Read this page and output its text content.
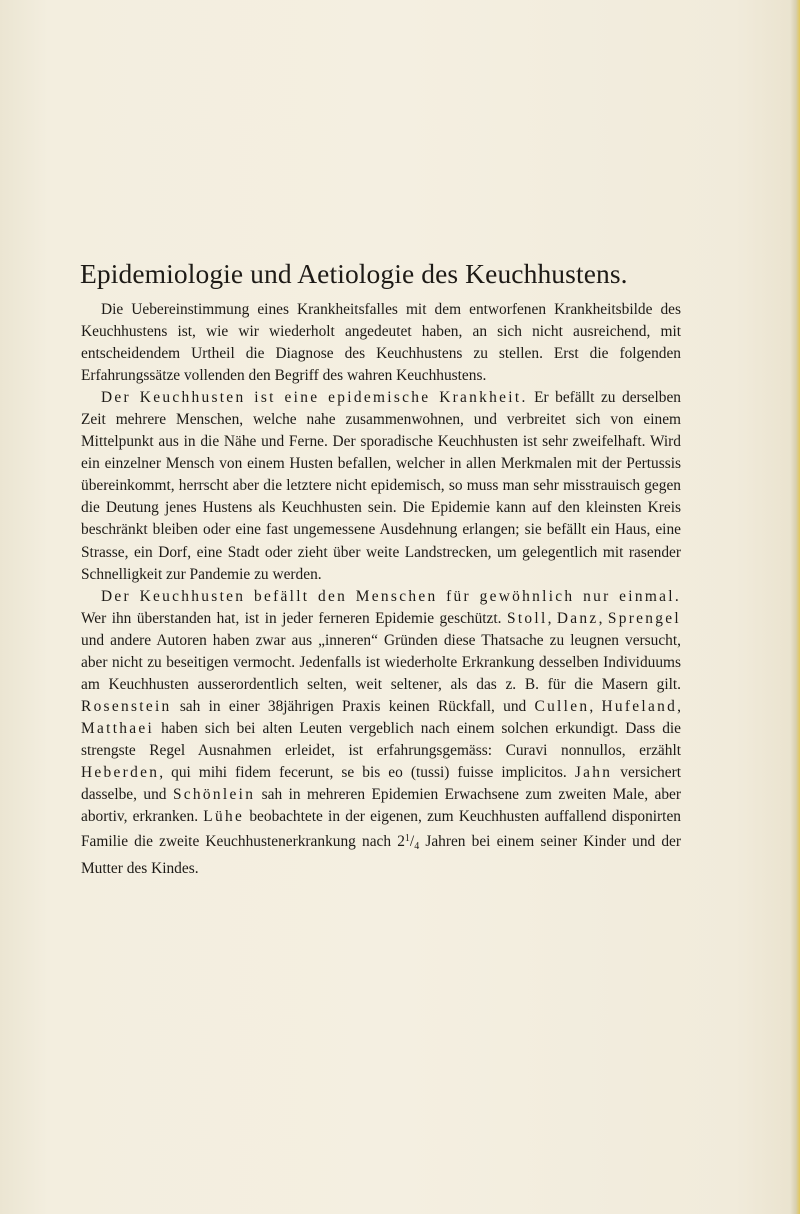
Epidemiologie und Aetiologie des Keuchhustens.

Die Uebereinstimmung eines Krankheitsfalles mit dem entworfenen Krankheitsbilde des Keuchhustens ist, wie wir wiederholt angedeutet haben, an sich nicht ausreichend, mit entscheidendem Urtheil die Diagnose des Keuchhustens zu stellen. Erst die folgenden Erfahrungssätze vollenden den Begriff des wahren Keuchhustens.

Der Keuchhusten ist eine epidemische Krankheit. Er befällt zu derselben Zeit mehrere Menschen, welche nahe zusammenwohnen, und verbreitet sich von einem Mittelpunkt aus in die Nähe und Ferne. Der sporadische Keuchhusten ist sehr zweifelhaft. Wird ein einzelner Mensch von einem Husten befallen, welcher in allen Merkmalen mit der Pertussis übereinkommt, herrscht aber die letztere nicht epidemisch, so muss man sehr misstrauisch gegen die Deutung jenes Hustens als Keuchhusten sein. Die Epidemie kann auf den kleinsten Kreis beschränkt bleiben oder eine fast ungemessene Ausdehnung erlangen; sie befällt ein Haus, eine Strasse, ein Dorf, eine Stadt oder zieht über weite Landstrecken, um gelegentlich mit rasender Schnelligkeit zur Pandemie zu werden.

Der Keuchhusten befällt den Menschen für gewöhnlich nur einmal. Wer ihn überstanden hat, ist in jeder ferneren Epidemie geschützt. Stoll, Danz, Sprengel und andere Autoren haben zwar aus „inneren“ Gründen diese Thatsache zu leugnen versucht, aber nicht zu beseitigen vermocht. Jedenfalls ist wiederholte Erkrankung desselben Individuums am Keuchhusten ausserordentlich selten, weit seltener, als das z. B. für die Masern gilt. Rosenstein sah in einer 38jährigen Praxis keinen Rückfall, und Cullen, Hufeland, Matthaei haben sich bei alten Leuten vergeblich nach einem solchen erkundigt. Dass die strengste Regel Ausnahmen erleidet, ist erfahrungsgemäss: Curavi nonnullos, erzählt Heberden, qui mihi fidem fecerunt, se bis eo (tussi) fuisse implicitos. Jahn versichert dasselbe, und Schönlein sah in mehreren Epidemien Erwachsene zum zweiten Male, aber abortiv, erkranken. Lühe beobachtete in der eigenen, zum Keuchhusten auffallend disponirten Familie die zweite Keuchhustenerkrankung nach $2^1/_4$ Jahren bei einem seiner Kinder und der Mutter des Kindes.
